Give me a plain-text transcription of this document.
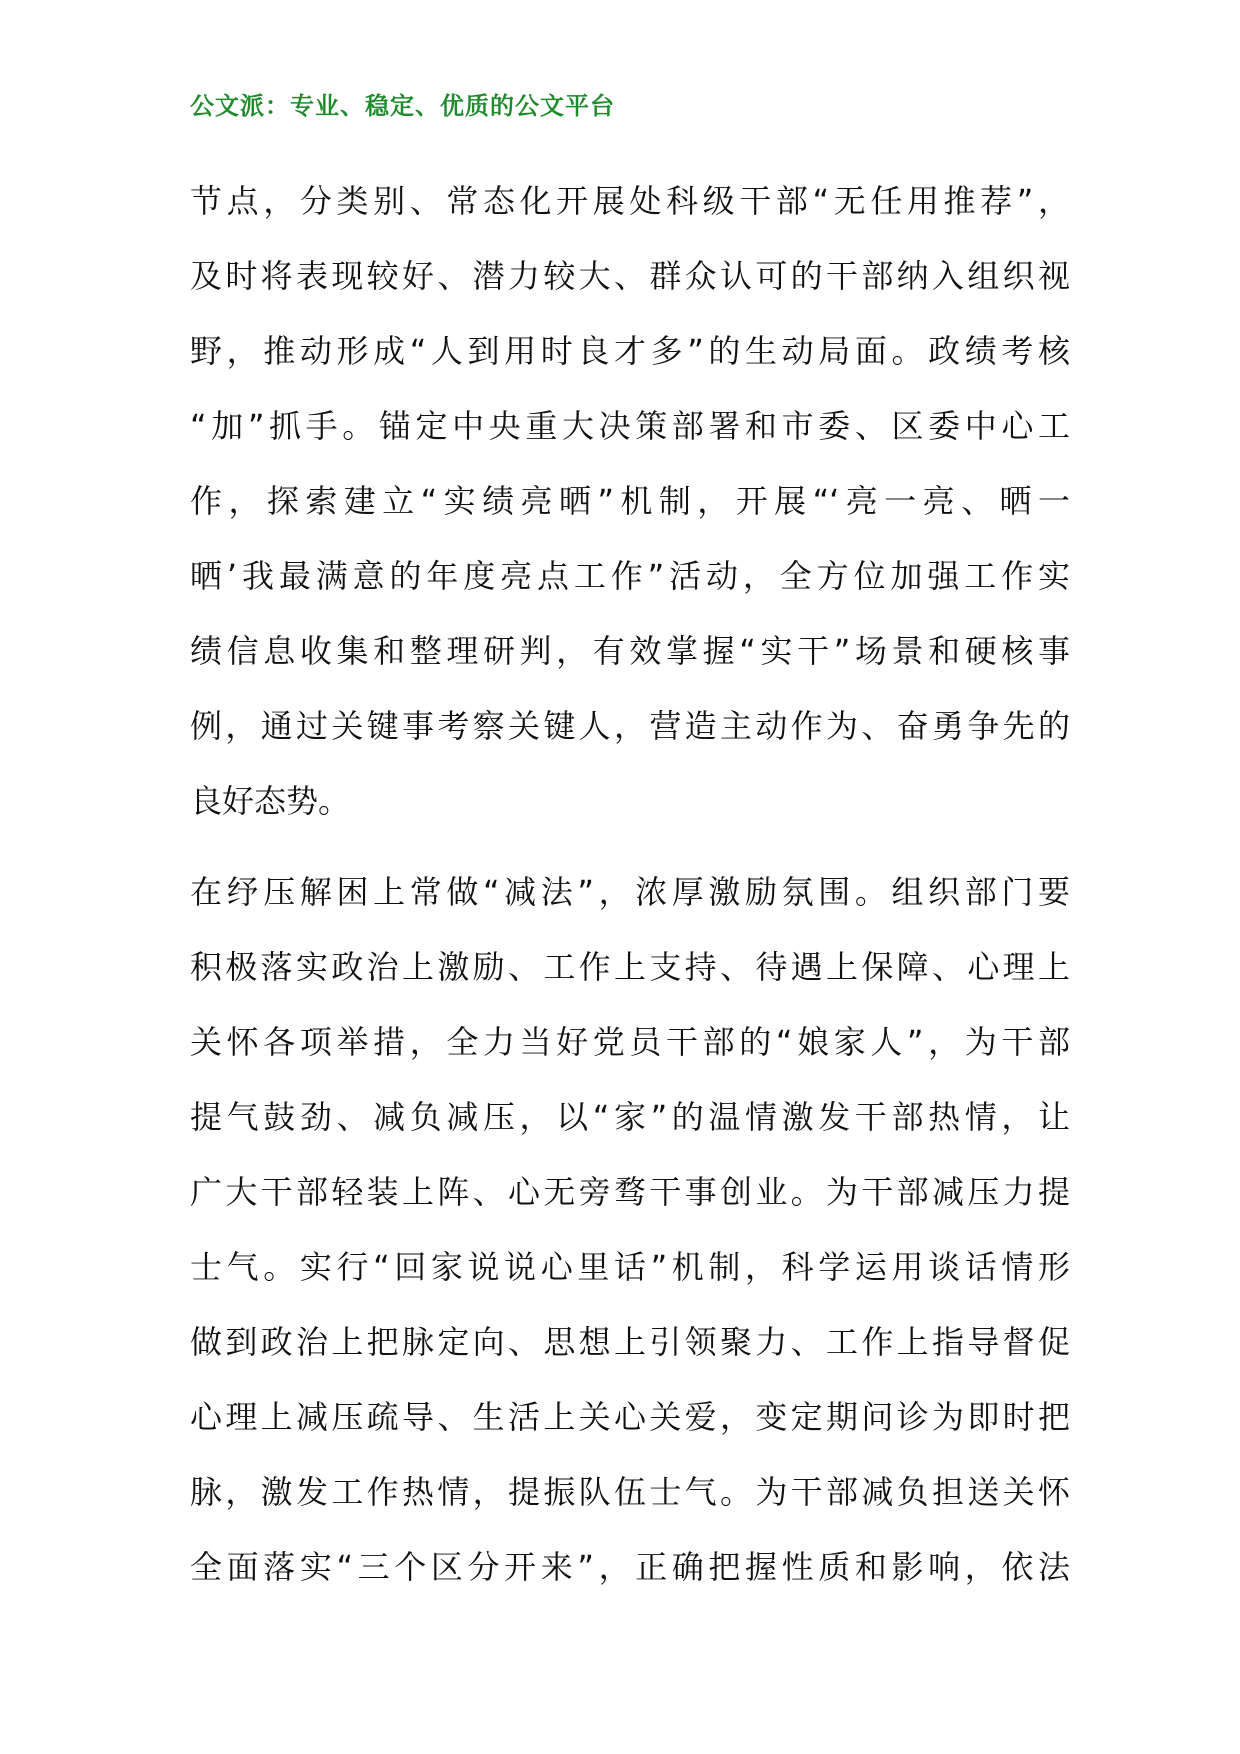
公文派：专业、稳定、优质的公文平台
节点，分类别、常态化开展处科级干部“无任用推荐”，
及时将表现较好、潜力较大、群众认可的干部纳入组织视
野，推动形成“人到用时良才多”的生动局面。政绩考核
“加”抓手。锚定中央重大决策部署和市委、区委中心工
作，探索建立“实绩亮晒”机制，开展“‘亮一亮、晒一
晒’我最满意的年度亮点工作”活动，全方位加强工作实
绩信息收集和整理研判，有效掌握“实干”场景和硬核事
例，通过关键事考察关键人，营造主动作为、奋勇争先的
良好态势。
在纾压解困上常做“减法”，浓厚激励氛围。组织部门要
积极落实政治上激励、工作上支持、待遇上保障、心理上
关怀各项举措，全力当好党员干部的“娘家人”，为干部
提气鼓劲、减负减压，以“家”的温情激发干部热情，让
广大干部轻装上阵、心无旁骛干事创业。为干部减压力提
士气。实行“回家说说心里话”机制，科学运用谈话情形
做到政治上把脉定向、思想上引领聚力、工作上指导督促
心理上减压疏导、生活上关心关爱，变定期问诊为即时把
脉，激发工作热情，提振队伍士气。为干部减负担送关怀
全面落实“三个区分开来”，正确把握性质和影响，依法
